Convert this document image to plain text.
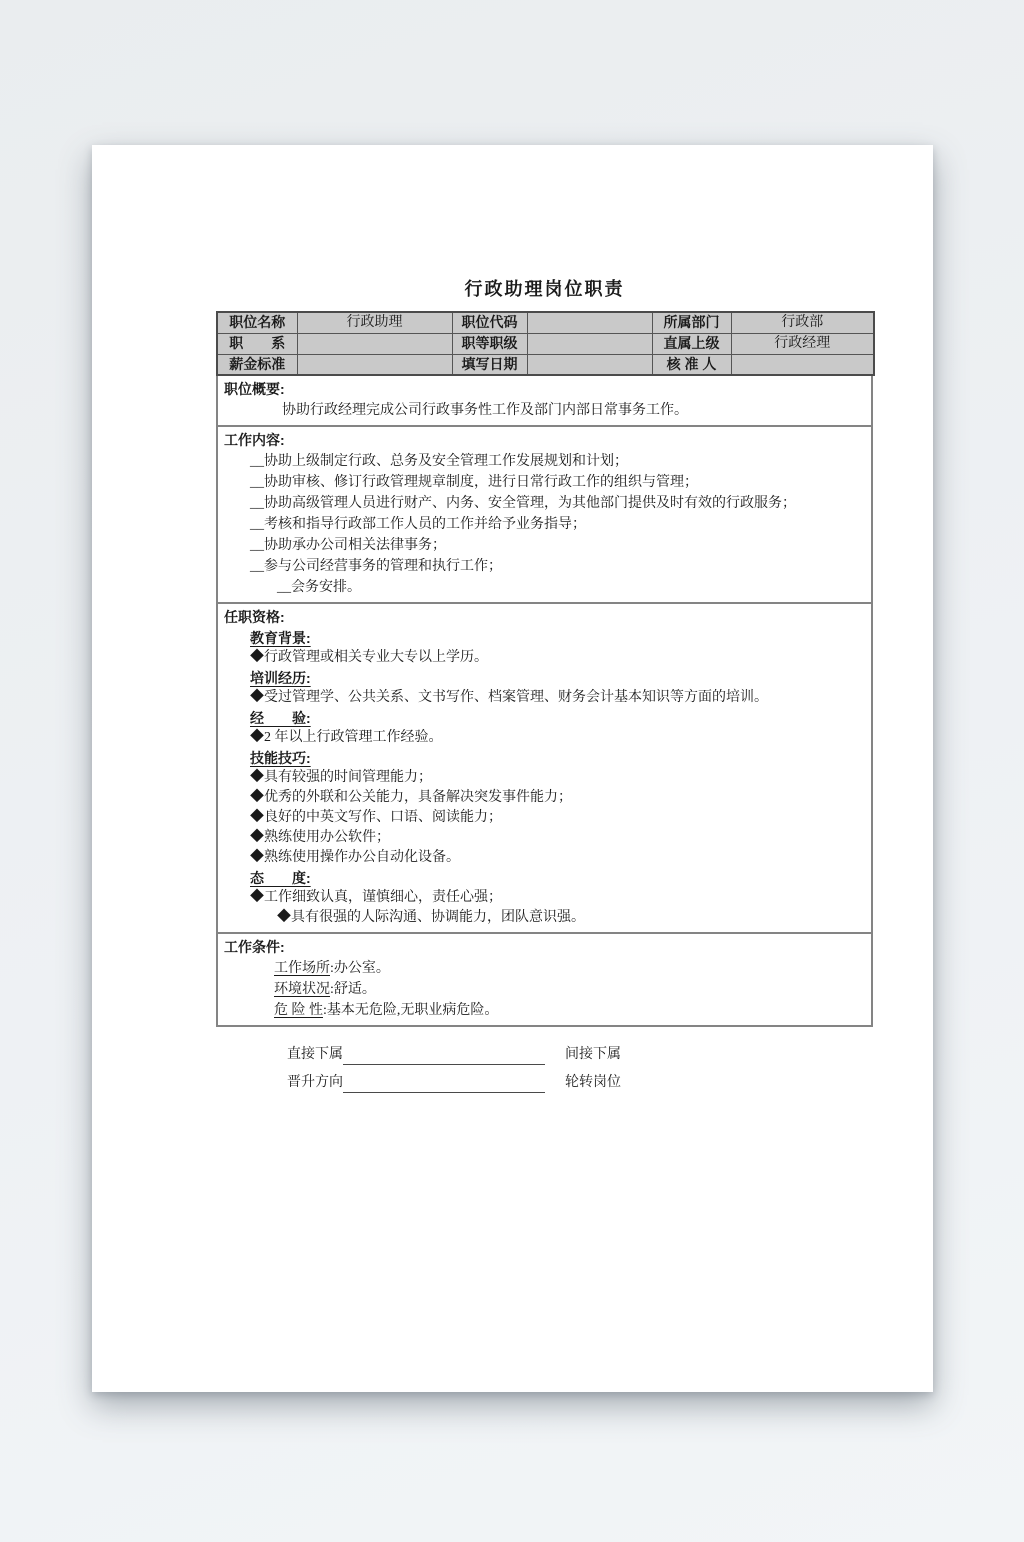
行政助理岗位职责
职位名称	行政助理	职位代码		所属部门	行政部
职　　系		职等职级		直属上级	行政经理
薪金标准		填写日期		核 准 人	
职位概要:
协助行政经理完成公司行政事务性工作及部门内部日常事务工作。
工作内容:
__协助上级制定行政、总务及安全管理工作发展规划和计划；
__协助审核、修订行政管理规章制度，进行日常行政工作的组织与管理；
__协助高级管理人员进行财产、内务、安全管理，为其他部门提供及时有效的行政服务；
__考核和指导行政部工作人员的工作并给予业务指导；
__协助承办公司相关法律事务；
__参与公司经营事务的管理和执行工作；
__会务安排。
任职资格:
教育背景:
◆行政管理或相关专业大专以上学历。
培训经历:
◆受过管理学、公共关系、文书写作、档案管理、财务会计基本知识等方面的培训。
经　　验:
◆2 年以上行政管理工作经验。
技能技巧:
◆具有较强的时间管理能力；
◆优秀的外联和公关能力，具备解决突发事件能力；
◆良好的中英文写作、口语、阅读能力；
◆熟练使用办公软件；
◆熟练使用操作办公自动化设备。
态　　度:
◆工作细致认真，谨慎细心，责任心强；
◆具有很强的人际沟通、协调能力，团队意识强。
工作条件:
工作场所:办公室。
环境状况:舒适。
危 险 性:基本无危险,无职业病危险。
直接下属	间接下属
晋升方向	轮转岗位
